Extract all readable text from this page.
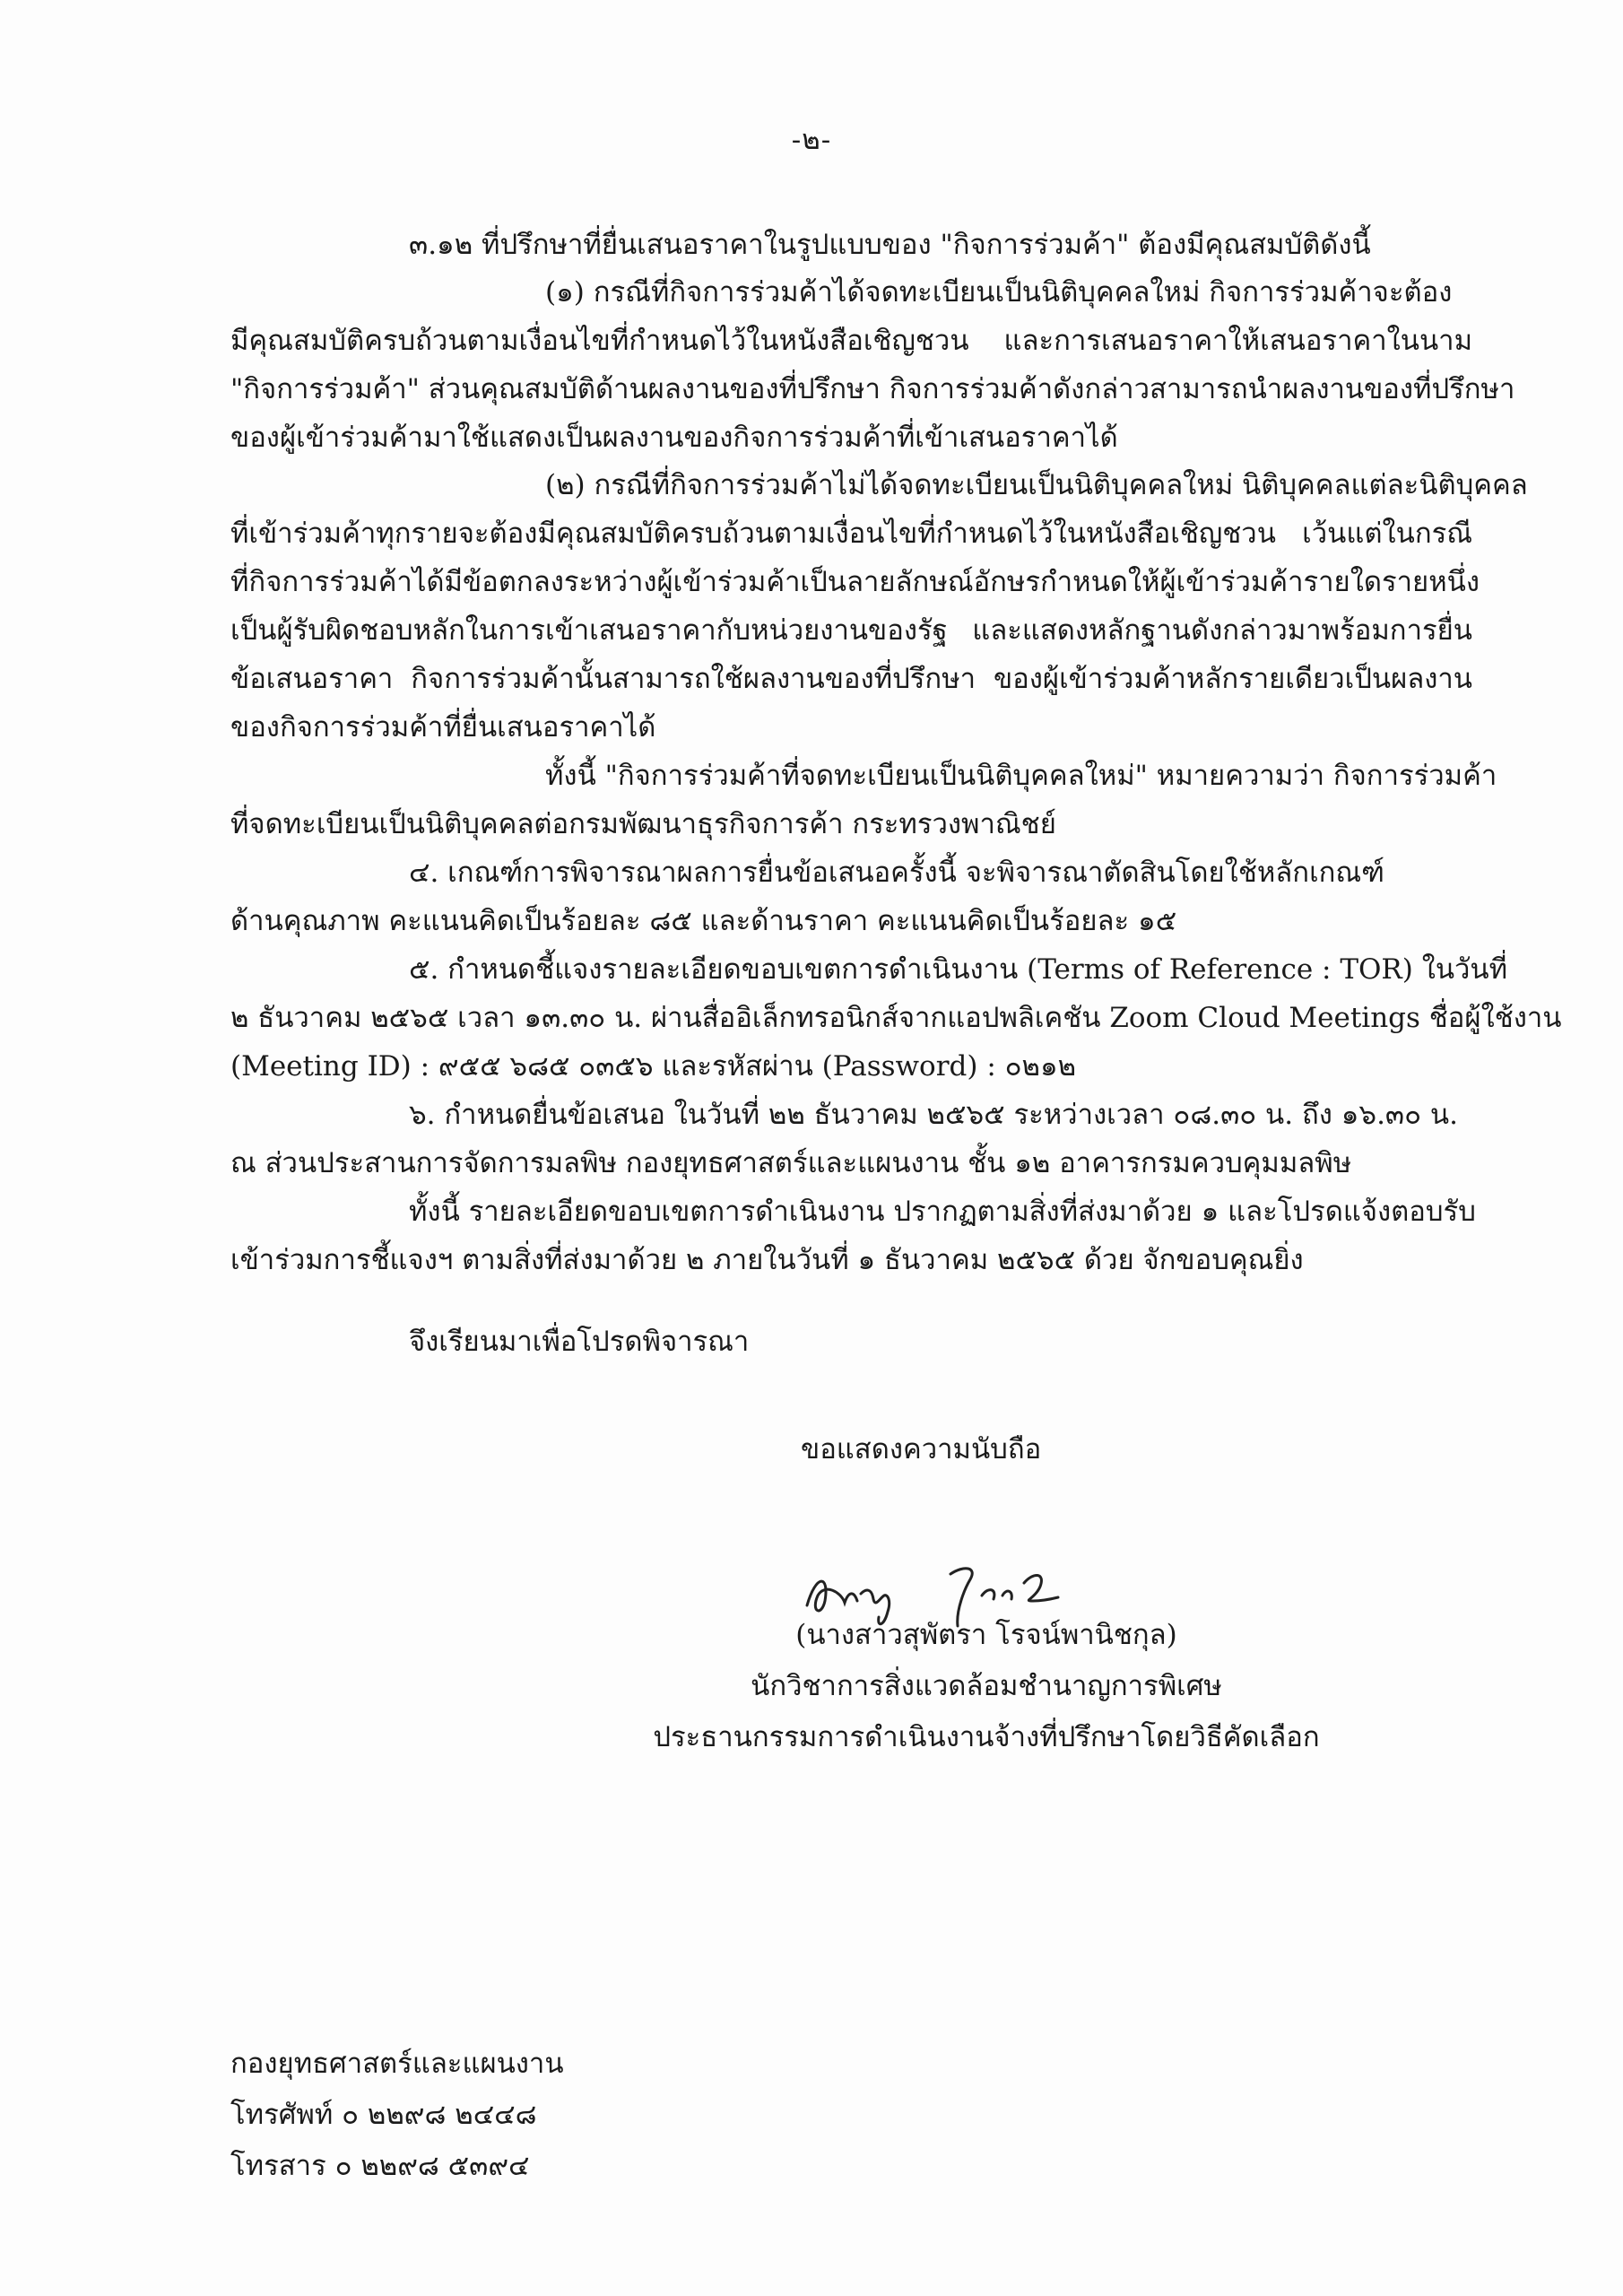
-๒-
๓.๑๒ ที่ปรึกษาที่ยื่นเสนอราคาในรูปแบบของ "กิจการร่วมค้า" ต้องมีคุณสมบัติดังนี้
(๑) กรณีที่กิจการร่วมค้าได้จดทะเบียนเป็นนิติบุคคลใหม่ กิจการร่วมค้าจะต้อง
มีคุณสมบัติครบถ้วนตามเงื่อนไขที่กำหนดไว้ในหนังสือเชิญชวน และการเสนอราคาให้เสนอราคาในนาม
"กิจการร่วมค้า" ส่วนคุณสมบัติด้านผลงานของที่ปรึกษา กิจการร่วมค้าดังกล่าวสามารถนำผลงานของที่ปรึกษา
ของผู้เข้าร่วมค้ามาใช้แสดงเป็นผลงานของกิจการร่วมค้าที่เข้าเสนอราคาได้
(๒) กรณีที่กิจการร่วมค้าไม่ได้จดทะเบียนเป็นนิติบุคคลใหม่ นิติบุคคลแต่ละนิติบุคคล
ที่เข้าร่วมค้าทุกรายจะต้องมีคุณสมบัติครบถ้วนตามเงื่อนไขที่กำหนดไว้ในหนังสือเชิญชวน เว้นแต่ในกรณี
ที่กิจการร่วมค้าได้มีข้อตกลงระหว่างผู้เข้าร่วมค้าเป็นลายลักษณ์อักษรกำหนดให้ผู้เข้าร่วมค้ารายใดรายหนึ่ง
เป็นผู้รับผิดชอบหลักในการเข้าเสนอราคากับหน่วยงานของรัฐ และแสดงหลักฐานดังกล่าวมาพร้อมการยื่น
ข้อเสนอราคา กิจการร่วมค้านั้นสามารถใช้ผลงานของที่ปรึกษา ของผู้เข้าร่วมค้าหลักรายเดียวเป็นผลงาน
ของกิจการร่วมค้าที่ยื่นเสนอราคาได้
ทั้งนี้ "กิจการร่วมค้าที่จดทะเบียนเป็นนิติบุคคลใหม่" หมายความว่า กิจการร่วมค้า
ที่จดทะเบียนเป็นนิติบุคคลต่อกรมพัฒนาธุรกิจการค้า กระทรวงพาณิชย์
๔. เกณฑ์การพิจารณาผลการยื่นข้อเสนอครั้งนี้ จะพิจารณาตัดสินโดยใช้หลักเกณฑ์
ด้านคุณภาพ คะแนนคิดเป็นร้อยละ ๘๕ และด้านราคา คะแนนคิดเป็นร้อยละ ๑๕
๕. กำหนดชี้แจงรายละเอียดขอบเขตการดำเนินงาน (Terms of Reference : TOR) ในวันที่
๒ ธันวาคม ๒๕๖๕ เวลา ๑๓.๓๐ น. ผ่านสื่ออิเล็กทรอนิกส์จากแอปพลิเคชัน Zoom Cloud Meetings ชื่อผู้ใช้งาน
(Meeting ID) : ๙๕๕ ๖๘๕ ๐๓๕๖ และรหัสผ่าน (Password) : ๐๒๑๒
๖. กำหนดยื่นข้อเสนอ ในวันที่ ๒๒ ธันวาคม ๒๕๖๕ ระหว่างเวลา ๐๘.๓๐ น. ถึง ๑๖.๓๐ น.
ณ ส่วนประสานการจัดการมลพิษ กองยุทธศาสตร์และแผนงาน ชั้น ๑๒ อาคารกรมควบคุมมลพิษ
ทั้งนี้ รายละเอียดขอบเขตการดำเนินงาน ปรากฏตามสิ่งที่ส่งมาด้วย ๑ และโปรดแจ้งตอบรับ
เข้าร่วมการชี้แจงฯ ตามสิ่งที่ส่งมาด้วย ๒ ภายในวันที่ ๑ ธันวาคม ๒๕๖๕ ด้วย จักขอบคุณยิ่ง
จึงเรียนมาเพื่อโปรดพิจารณา
ขอแสดงความนับถือ
(นางสาวสุพัตรา โรจน์พานิชกุล)
นักวิชาการสิ่งแวดล้อมชำนาญการพิเศษ
ประธานกรรมการดำเนินงานจ้างที่ปรึกษาโดยวิธีคัดเลือก
กองยุทธศาสตร์และแผนงาน
โทรศัพท์ ๐ ๒๒๙๘ ๒๔๔๘
โทรสาร ๐ ๒๒๙๘ ๕๓๙๔
